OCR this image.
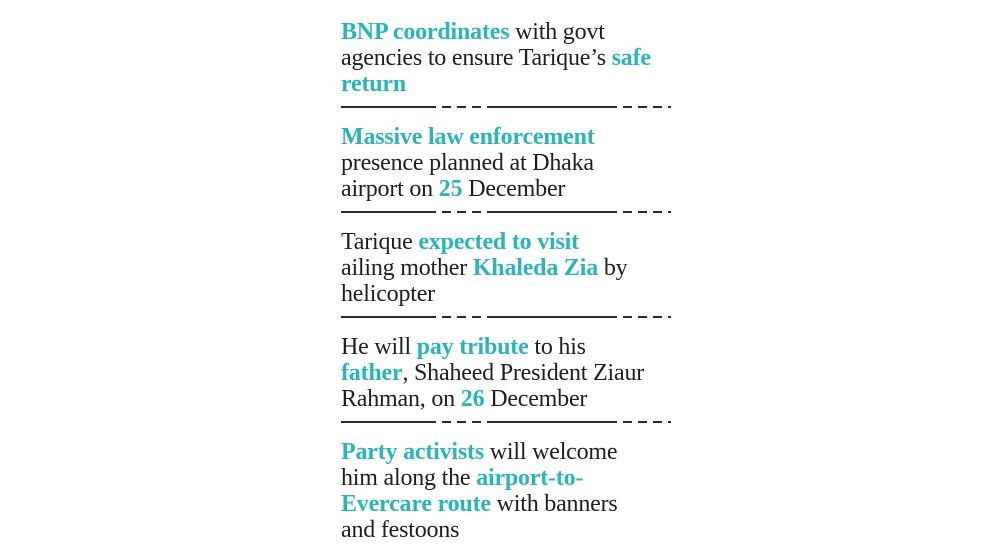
BNP coordinates with govt
agencies to ensure Tarique’s safe
return
Massive law enforcement
presence planned at Dhaka
airport on 25 December
Tarique expected to visit
ailing mother Khaleda Zia by
helicopter
He will pay tribute to his
father, Shaheed President Ziaur
Rahman, on 26 December
Party activists will welcome
him along the airport-to-
Evercare route with banners
and festoons
